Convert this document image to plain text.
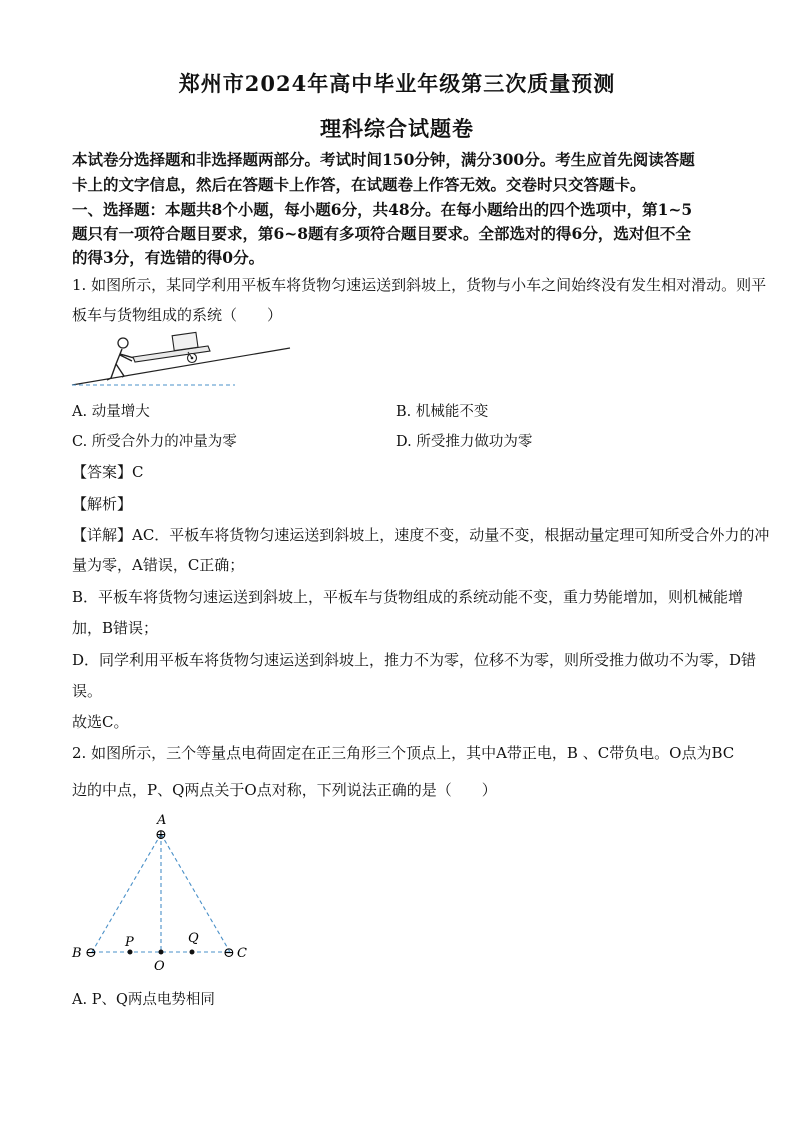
郑州市2024年高中毕业年级第三次质量预测
理科综合试题卷
本试卷分选择题和非选择题两部分。考试时间150分钟，满分300分。考生应首先阅读答题
卡上的文字信息，然后在答题卡上作答，在试题卷上作答无效。交卷时只交答题卡。
一、选择题：本题共8个小题，每小题6分，共48分。在每小题给出的四个选项中，第1~5
题只有一项符合题目要求，第6~8题有多项符合题目要求。全部选对的得6分，选对但不全
的得3分，有选错的得0分。
1. 如图所示，某同学利用平板车将货物匀速运送到斜坡上，货物与小车之间始终没有发生相对滑动。则平
板车与货物组成的系统（　　）
A. 动量增大	B. 机械能不变
C. 所受合外力的冲量为零	D. 所受推力做功为零
【答案】C
【解析】
【详解】AC．平板车将货物匀速运送到斜坡上，速度不变，动量不变，根据动量定理可知所受合外力的冲
量为零，A错误，C正确；
B．平板车将货物匀速运送到斜坡上，平板车与货物组成的系统动能不变，重力势能增加，则机械能增
加，B错误；
D．同学利用平板车将货物匀速运送到斜坡上，推力不为零，位移不为零，则所受推力做功不为零，D错
误。
故选C。
2. 如图所示，三个等量点电荷固定在正三角形三个顶点上，其中A带正电，B 、C带负电。O点为BC
边的中点，P、Q两点关于O点对称，下列说法正确的是（　　）
⊕
⊖	⊖
A
B	C
P	Q
O
A. P、Q两点电势相同
